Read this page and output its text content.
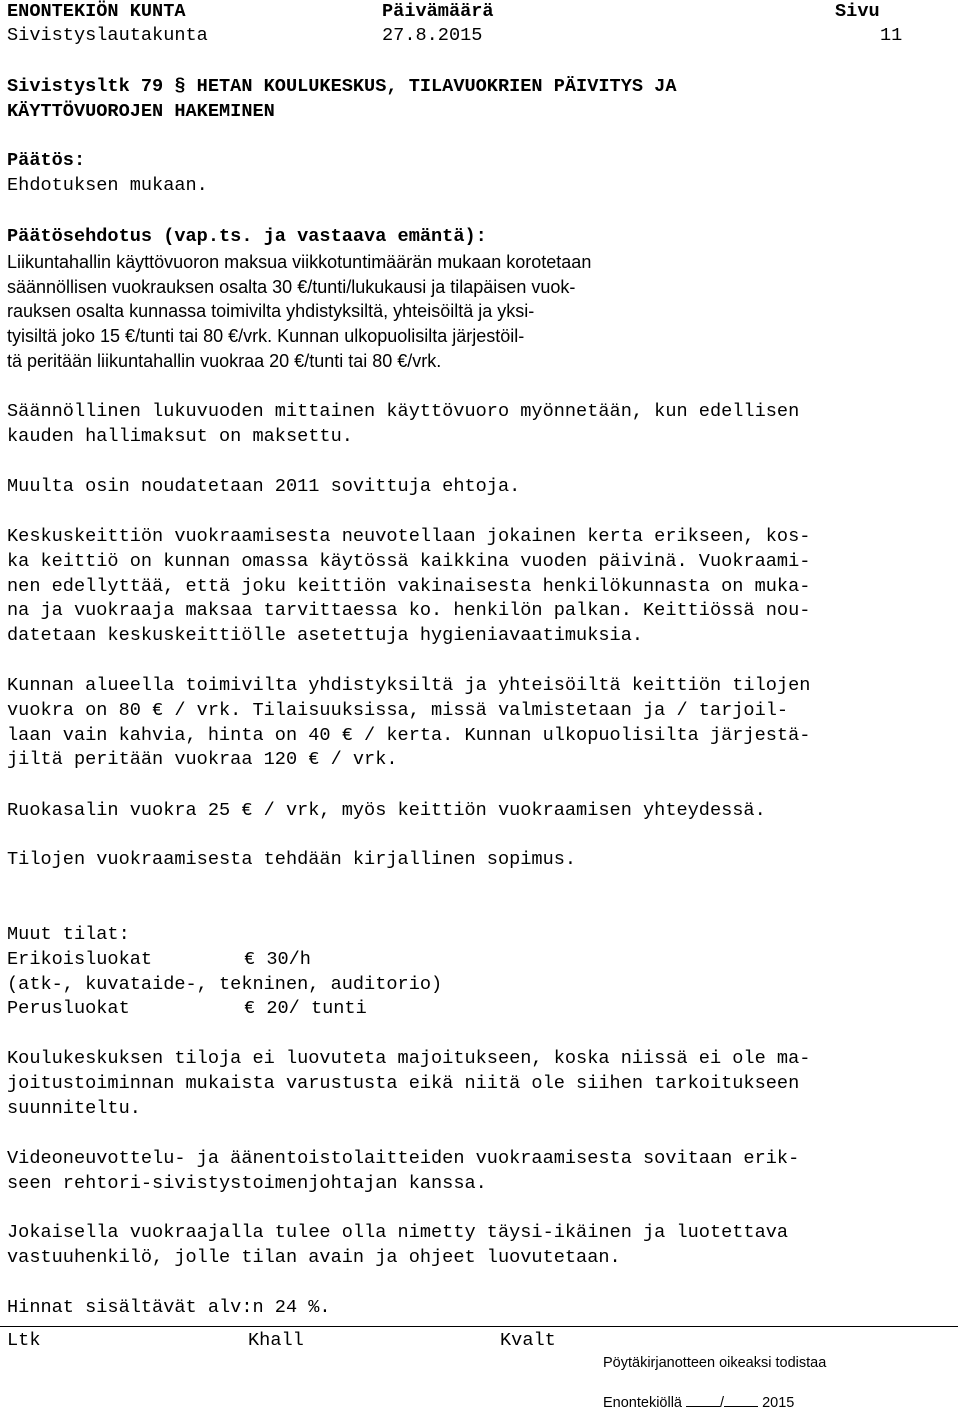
ENONTEKIÖN KUNTA	Päivämäärä	Sivu
Sivistyslautakunta	27.8.2015	11
Sivistysltk 79 § HETAN KOULUKESKUS, TILAVUOKRIEN PÄIVITYS JA
KÄYTTÖVUOROJEN HAKEMINEN
Päätös:
Ehdotuksen mukaan.
Päätösehdotus (vap.ts. ja vastaava emäntä):
Liikuntahallin käyttövuoron maksua viikkotuntimäärän mukaan korotetaan
säännöllisen vuokrauksen osalta 30 €/tunti/lukukausi ja tilapäisen vuok-
rauksen osalta kunnassa toimivilta yhdistyksiltä, yhteisöiltä ja yksi-
tyisiltä joko 15 €/tunti tai 80 €/vrk. Kunnan ulkopuolisilta järjestöil-
tä peritään liikuntahallin vuokraa 20 €/tunti tai 80 €/vrk.
Säännöllinen lukuvuoden mittainen käyttövuoro myönnetään, kun edellisen
kauden hallimaksut on maksettu.
Muulta osin noudatetaan 2011 sovittuja ehtoja.
Keskuskeittiön vuokraamisesta neuvotellaan jokainen kerta erikseen, kos-
ka keittiö on kunnan omassa käytössä kaikkina vuoden päivinä. Vuokraami-
nen edellyttää, että joku keittiön vakinaisesta henkilökunnasta on muka-
na ja vuokraaja maksaa tarvittaessa ko. henkilön palkan. Keittiössä nou-
datetaan keskuskeittiölle asetettuja hygieniavaatimuksia.
Kunnan alueella toimivilta yhdistyksiltä ja yhteisöiltä keittiön tilojen
vuokra on 80 € / vrk. Tilaisuuksissa, missä valmistetaan ja / tarjoil-
laan vain kahvia, hinta on 40 € / kerta. Kunnan ulkopuolisilta järjestä-
jiltä peritään vuokraa 120 € / vrk.
Ruokasalin vuokra 25 € / vrk, myös keittiön vuokraamisen yhteydessä.
Tilojen vuokraamisesta tehdään kirjallinen sopimus.
Muut tilat:
Erikoisluokat	€ 30/h
(atk-, kuvataide-, tekninen, auditorio)
Perusluokat	€ 20/ tunti
Koulukeskuksen tiloja ei luovuteta majoitukseen, koska niissä ei ole ma-
joitustoiminnan mukaista varustusta eikä niitä ole siihen tarkoitukseen
suunniteltu.
Videoneuvottelu- ja äänentoistolaitteiden vuokraamisesta sovitaan erik-
seen rehtori-sivistystoimenjohtajan kanssa.
Jokaisella vuokraajalla tulee olla nimetty täysi-ikäinen ja luotettava
vastuuhenkilö, jolle tilan avain ja ohjeet luovutetaan.
Hinnat sisältävät alv:n 24 %.
Ltk	Khall	Kvalt
Pöytäkirjanotteen oikeaksi todistaa
Enontekiöllä	/	2015
